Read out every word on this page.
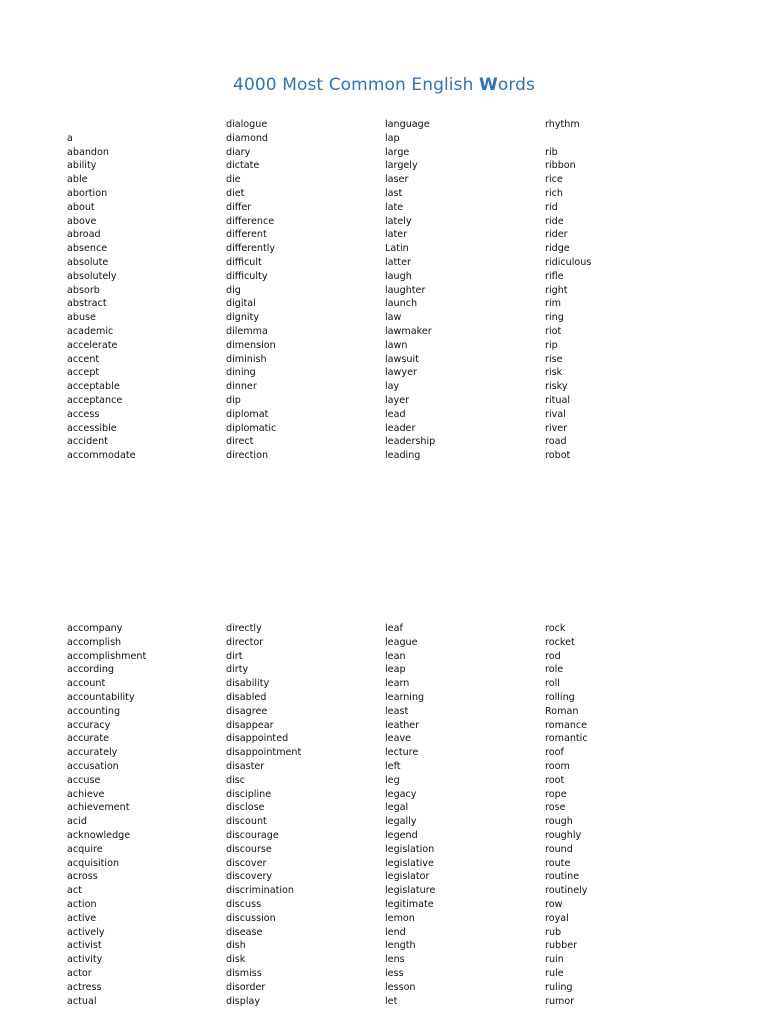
4000 Most Common English Words
a
abandon
ability
able
abortion
about
above
abroad
absence
absolute
absolutely
absorb
abstract
abuse
academic
accelerate
accent
accept
acceptable
acceptance
access
accessible
accident
accommodate
dialogue
diamond
diary
dictate
die
diet
differ
difference
different
differently
difficult
difficulty
dig
digital
dignity
dilemma
dimension
diminish
dining
dinner
dip
diplomat
diplomatic
direct
direction
language
lap
large
largely
laser
last
late
lately
later
Latin
latter
laugh
laughter
launch
law
lawmaker
lawn
lawsuit
lawyer
lay
layer
lead
leader
leadership
leading
rhythm
rib
ribbon
rice
rich
rid
ride
rider
ridge
ridiculous
rifle
right
rim
ring
riot
rip
rise
risk
risky
ritual
rival
river
road
robot
accompany
accomplish
accomplishment
according
account
accountability
accounting
accuracy
accurate
accurately
accusation
accuse
achieve
achievement
acid
acknowledge
acquire
acquisition
across
act
action
active
actively
activist
activity
actor
actress
actual
directly
director
dirt
dirty
disability
disabled
disagree
disappear
disappointed
disappointment
disaster
disc
discipline
disclose
discount
discourage
discourse
discover
discovery
discrimination
discuss
discussion
disease
dish
disk
dismiss
disorder
display
leaf
league
lean
leap
learn
learning
least
leather
leave
lecture
left
leg
legacy
legal
legally
legend
legislation
legislative
legislator
legislature
legitimate
lemon
lend
length
lens
less
lesson
let
rock
rocket
rod
role
roll
rolling
Roman
romance
romantic
roof
room
root
rope
rose
rough
roughly
round
route
routine
routinely
row
royal
rub
rubber
ruin
rule
ruling
rumor
